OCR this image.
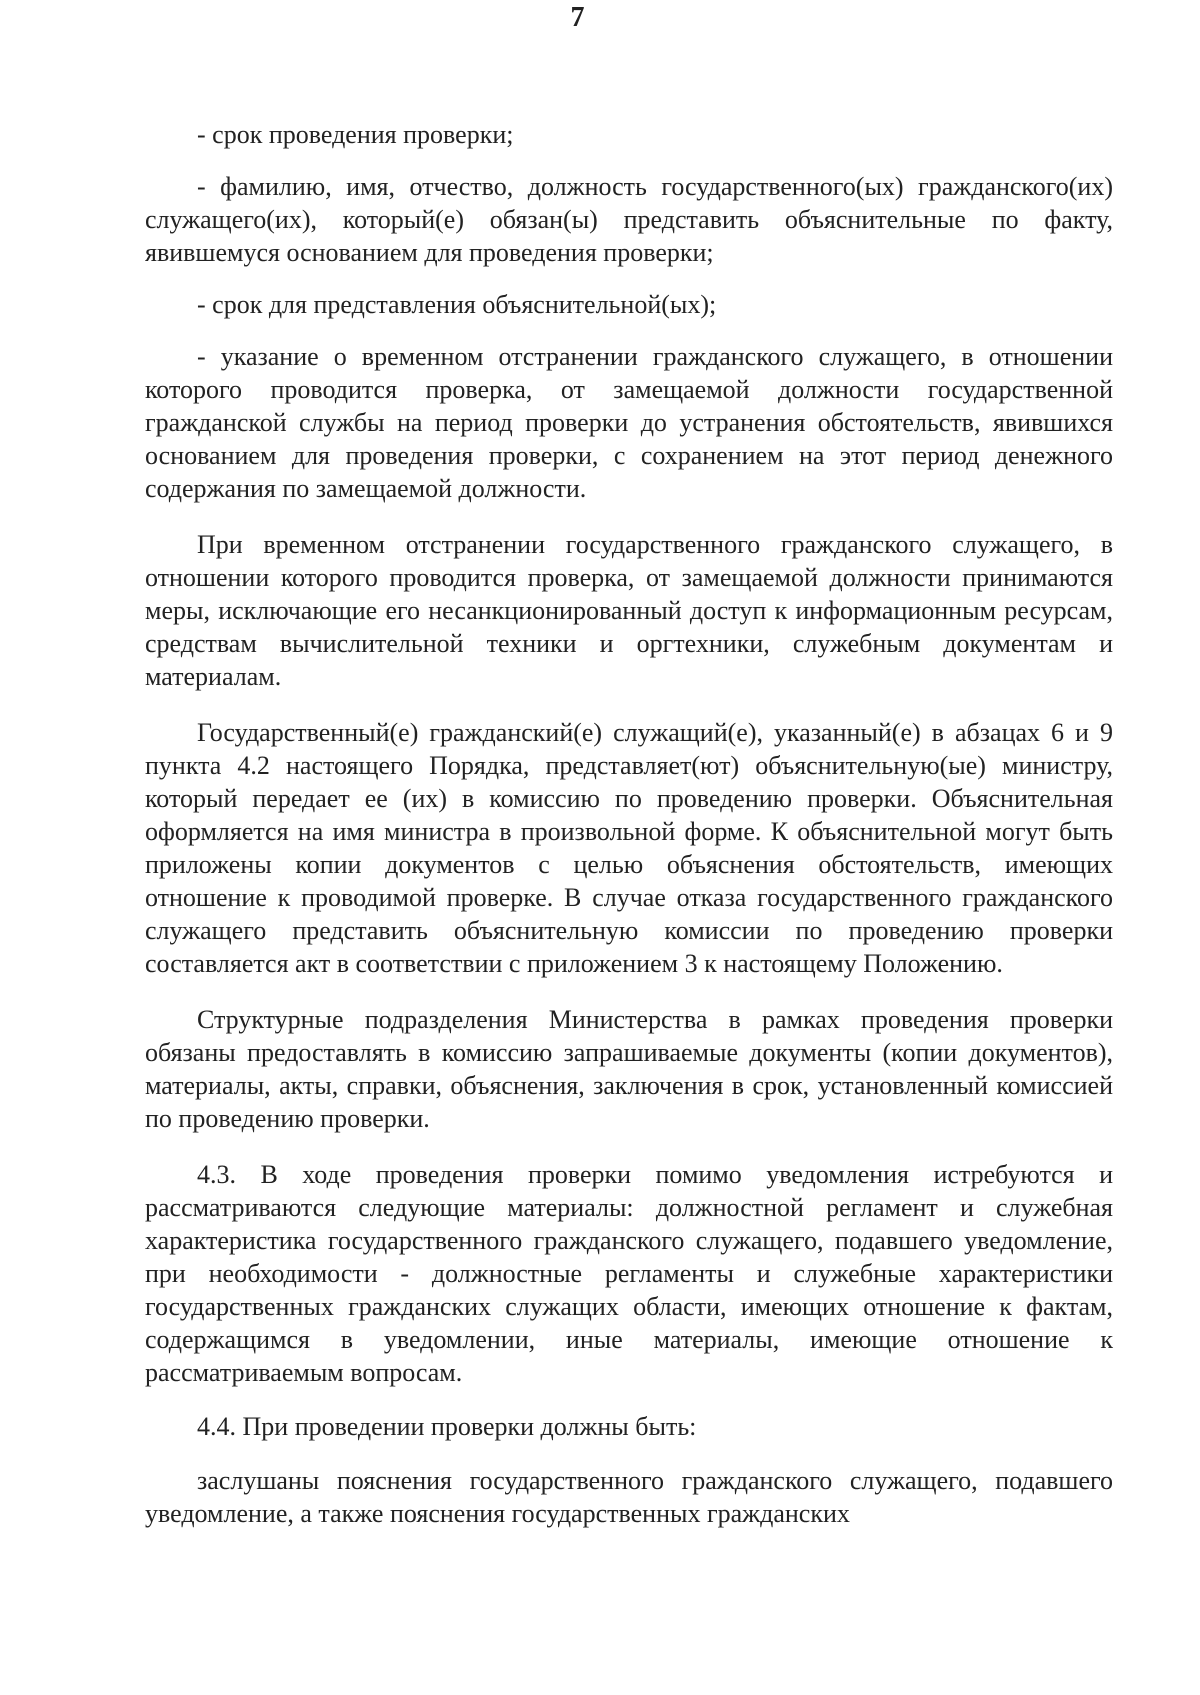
7

- срок проведения проверки;

- фамилию, имя, отчество, должность государственного(ых) гражданского(их) служащего(их), который(е) обязан(ы) представить объяснительные по факту, явившемуся основанием для проведения проверки;

- срок для представления объяснительной(ых);

- указание о временном отстранении гражданского служащего, в отношении которого проводится проверка, от замещаемой должности государственной гражданской службы на период проверки до устранения обстоятельств, явившихся основанием для проведения проверки, с сохранением на этот период денежного содержания по замещаемой должности.

При временном отстранении государственного гражданского служащего, в отношении которого проводится проверка, от замещаемой должности принимаются меры, исключающие его несанкционированный доступ к информационным ресурсам, средствам вычислительной техники и оргтехники, служебным документам и материалам.

Государственный(е) гражданский(е) служащий(е), указанный(е) в абзацах 6 и 9 пункта 4.2 настоящего Порядка, представляет(ют) объяснительную(ые) министру, который передает ее (их) в комиссию по проведению проверки. Объяснительная оформляется на имя министра в произвольной форме. К объяснительной могут быть приложены копии документов с целью объяснения обстоятельств, имеющих отношение к проводимой проверке. В случае отказа государственного гражданского служащего представить объяснительную комиссии по проведению проверки составляется акт в соответствии с приложением 3 к настоящему Положению.

Структурные подразделения Министерства в рамках проведения проверки обязаны предоставлять в комиссию запрашиваемые документы (копии документов), материалы, акты, справки, объяснения, заключения в срок, установленный комиссией по проведению проверки.

4.3. В ходе проведения проверки помимо уведомления истребуются и рассматриваются следующие материалы: должностной регламент и служебная характеристика государственного гражданского служащего, подавшего уведомление, при необходимости - должностные регламенты и служебные характеристики государственных гражданских служащих области, имеющих отношение к фактам, содержащимся в уведомлении, иные материалы, имеющие отношение к рассматриваемым вопросам.

4.4. При проведении проверки должны быть:

заслушаны пояснения государственного гражданского служащего, подавшего уведомление, а также пояснения государственных гражданских
